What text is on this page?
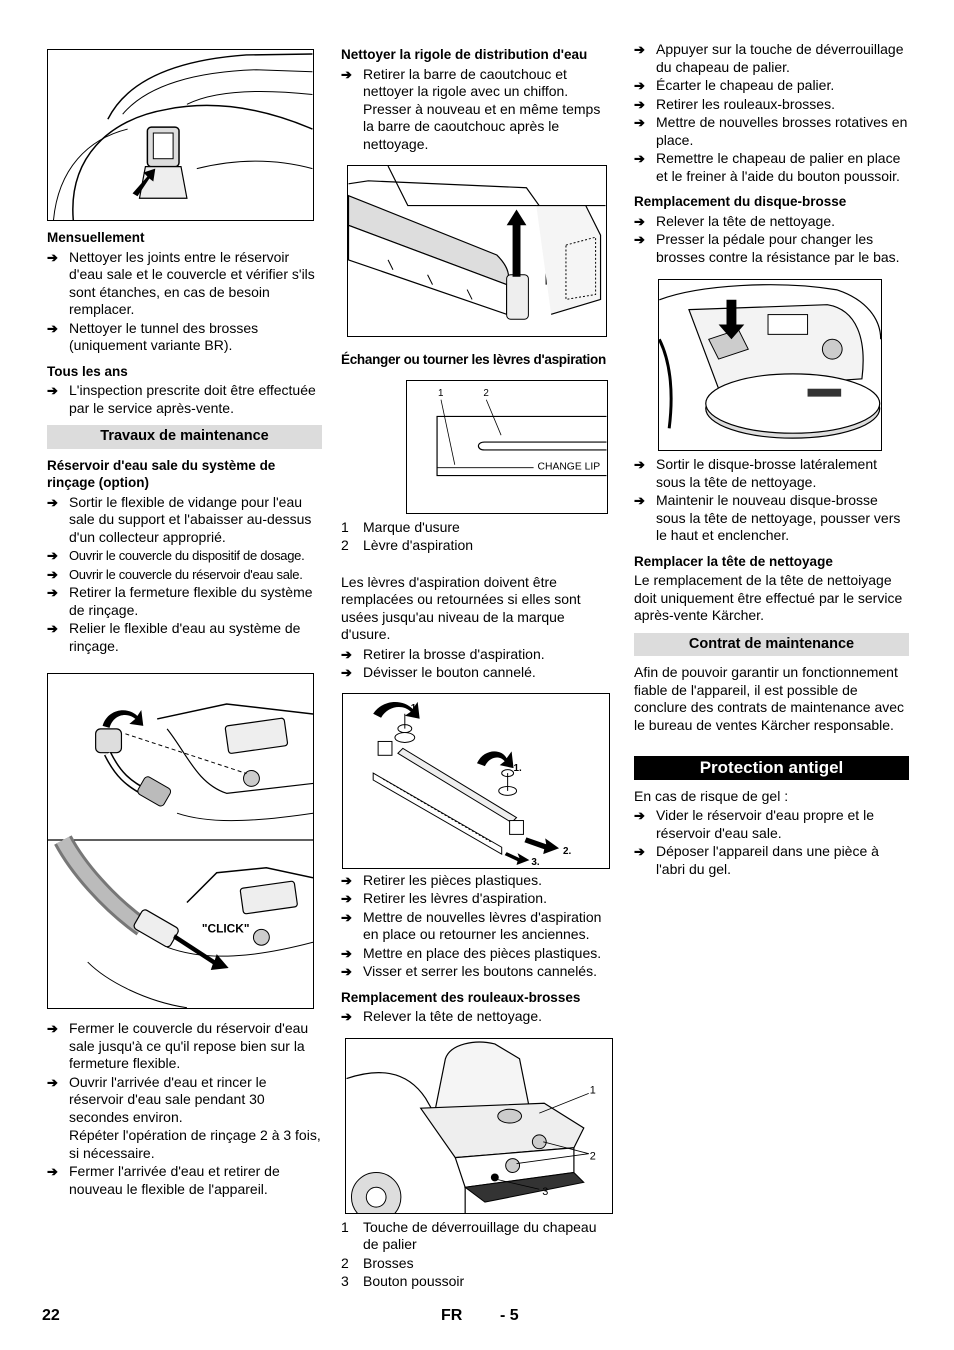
Mensuellement
➔ Nettoyer les joints entre le réservoir d'eau sale et le couvercle et vérifier s'ils sont étanches, en cas de besoin remplacer.
➔ Nettoyer le tunnel des brosses (uniquement variante BR).
Tous les ans
➔ L'inspection prescrite doit être effectuée par le service après-vente.
Travaux de maintenance
Réservoir d'eau sale du système de rinçage (option)
➔ Sortir le flexible de vidange pour l'eau sale du support et l'abaisser au-dessus d'un collecteur approprié.
➔ Ouvrir le couvercle du dispositif de dosage.
➔ Ouvrir le couvercle du réservoir d'eau sale.
➔ Retirer la fermeture flexible du système de rinçage.
➔ Relier le flexible d'eau au système de rinçage.
"CLICK"
➔ Fermer le couvercle du réservoir d'eau sale jusqu'à ce qu'il repose bien sur la fermeture flexible.
➔ Ouvrir l'arrivée d'eau et rincer le réservoir d'eau sale pendant 30 secondes environ.
Répéter l'opération de rinçage 2 à 3 fois, si nécessaire.
➔ Fermer l'arrivée d'eau et retirer de nouveau le flexible de l'appareil.
Nettoyer la rigole de distribution d'eau
➔ Retirer la barre de caoutchouc et nettoyer la rigole avec un chiffon. Presser à nouveau et en même temps la barre de caoutchouc après le nettoyage.
Échanger ou tourner les lèvres d'aspiration
1	2
CHANGE LIP
1 Marque d'usure
2 Lèvre d'aspiration
Les lèvres d'aspiration doivent être remplacées ou retournées si elles sont usées jusqu'au niveau de la marque d'usure.
➔ Retirer la brosse d'aspiration.
➔ Dévisser le bouton cannelé.
1.
1.
2.
3.
➔ Retirer les pièces plastiques.
➔ Retirer les lèvres d'aspiration.
➔ Mettre de nouvelles lèvres d'aspiration en place ou retourner les anciennes.
➔ Mettre en place des pièces plastiques.
➔ Visser et serrer les boutons cannelés.
Remplacement des rouleaux-brosses
➔ Relever la tête de nettoyage.
1
2
3
1 Touche de déverrouillage du chapeau de palier
2 Brosses
3 Bouton poussoir
➔ Appuyer sur la touche de déverrouillage du chapeau de palier.
➔ Écarter le chapeau de palier.
➔ Retirer les rouleaux-brosses.
➔ Mettre de nouvelles brosses rotatives en place.
➔ Remettre le chapeau de palier en place et le freiner à l'aide du bouton poussoir.
Remplacement du disque-brosse
➔ Relever la tête de nettoyage.
➔ Presser la pédale pour changer les brosses contre la résistance par le bas.
➔ Sortir le disque-brosse latéralement sous la tête de nettoyage.
➔ Maintenir le nouveau disque-brosse sous la tête de nettoyage, pousser vers le haut et enclencher.
Remplacer la tête de nettoyage
Le remplacement de la tête de nettoiyage doit uniquement être effectué par le service après-vente Kärcher.
Contrat de maintenance
Afin de pouvoir garantir un fonctionnement fiable de l'appareil, il est possible de conclure des contrats de maintenance avec le bureau de ventes Kärcher responsable.
Protection antigel
En cas de risque de gel :
➔ Vider le réservoir d'eau propre et le réservoir d'eau sale.
➔ Déposer l'appareil dans une pièce à l'abri du gel.
22	FR - 5
